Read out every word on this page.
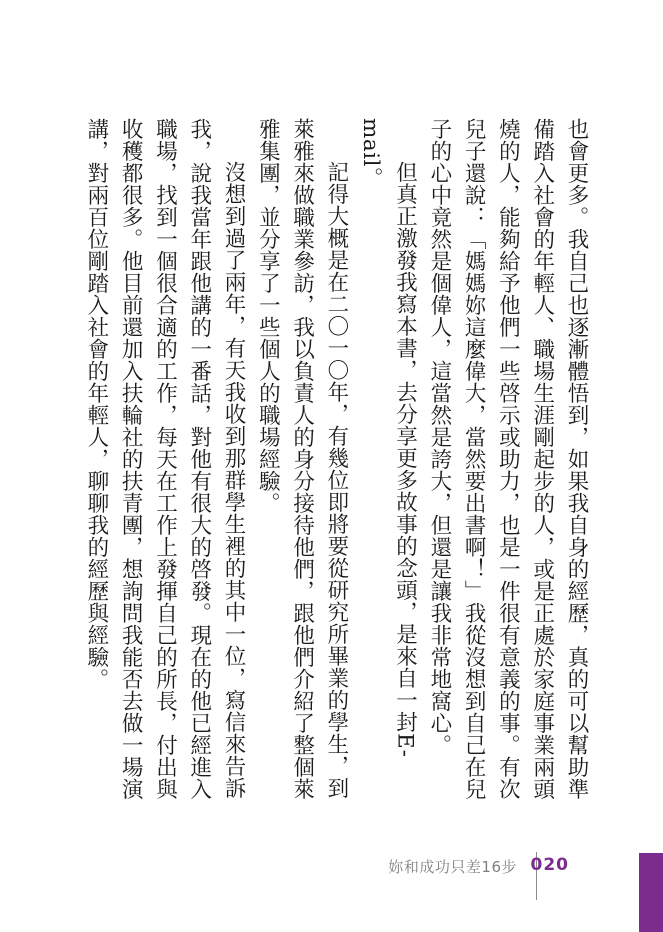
也會更多。我自己也逐漸體悟到，如果我自身的經歷，真的可以幫助準備踏入社會的年輕人、職場生涯剛起步的人，或是正處於家庭事業兩頭燒的人，能夠給予他們一些啓示或助力，也是一件很有意義的事。有次兒子還說：「媽媽妳這麼偉大，當然要出書啊！」我從沒想到自己在兒子的心中竟然是個偉人，這當然是誇大，但還是讓我非常地窩心。

但真正激發我寫本書，去分享更多故事的念頭，是來自一封E-mail。

記得大概是在二〇一〇年，有幾位即將要從研究所畢業的學生，到萊雅來做職業參訪，我以負責人的身分接待他們，跟他們介紹了整個萊雅集團，並分享了一些個人的職場經驗。

沒想到過了兩年，有天我收到那群學生裡的其中一位，寫信來告訴我，說我當年跟他講的一番話，對他有很大的啓發。現在的他已經進入職場，找到一個很合適的工作，每天在工作上發揮自己的所長，付出與收穫都很多。他目前還加入扶輪社的扶青團，想詢問我能否去做一場演講，對兩百位剛踏入社會的年輕人，聊聊我的經歷與經驗。

妳和成功只差16步 020
